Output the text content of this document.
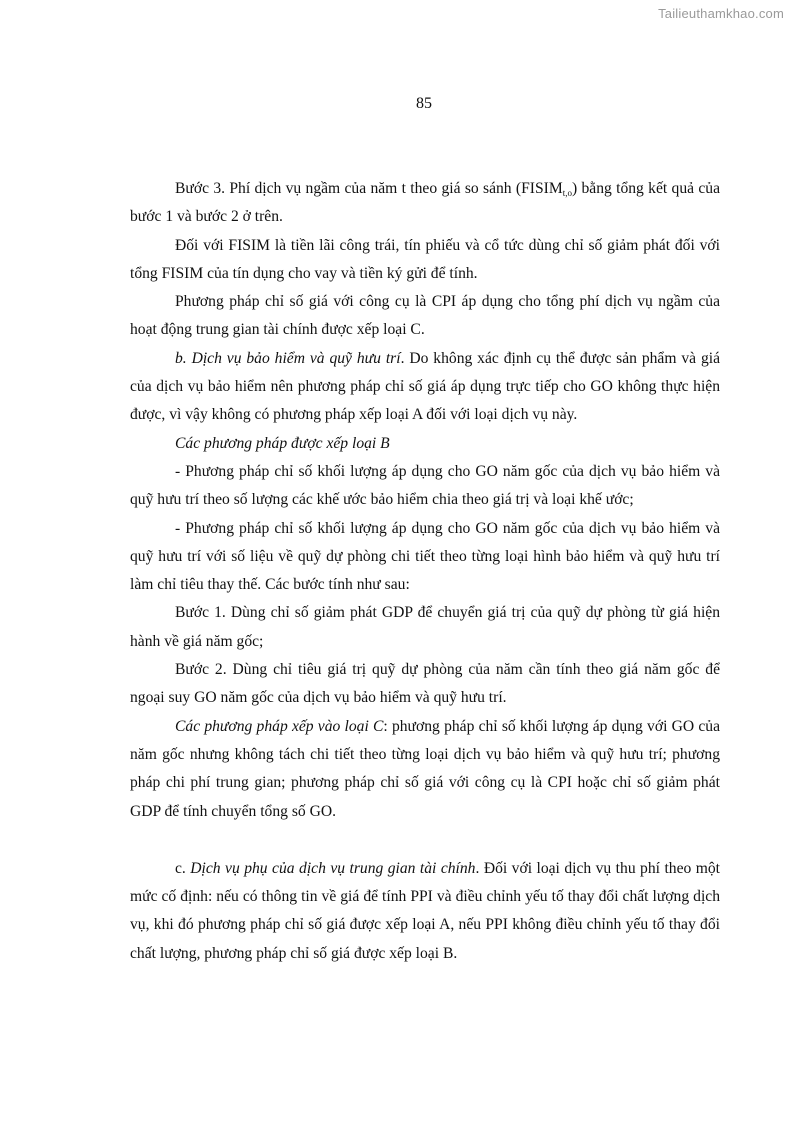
Tailieuthamkhao.com
85

Bước 3. Phí dịch vụ ngầm của năm t theo giá so sánh $(FISIM_{t,o})$ bằng tổng kết quả của bước 1 và bước 2 ở trên.

Đối với FISIM là tiền lãi công trái, tín phiếu và cổ tức dùng chỉ số giảm phát đối với tổng FISIM của tín dụng cho vay và tiền ký gửi để tính.

Phương pháp chỉ số giá với công cụ là CPI áp dụng cho tổng phí dịch vụ ngầm của hoạt động trung gian tài chính được xếp loại C.

b. Dịch vụ bảo hiểm và quỹ hưu trí. Do không xác định cụ thể được sản phẩm và giá của dịch vụ bảo hiểm nên phương pháp chỉ số giá áp dụng trực tiếp cho GO không thực hiện được, vì vậy không có phương pháp xếp loại A đối với loại dịch vụ này.

Các phương pháp được xếp loại B

- Phương pháp chỉ số khối lượng áp dụng cho GO năm gốc của dịch vụ bảo hiểm và quỹ hưu trí theo số lượng các khế ước bảo hiểm chia theo giá trị và loại khế ước;

- Phương pháp chỉ số khối lượng áp dụng cho GO năm gốc của dịch vụ bảo hiểm và quỹ hưu trí với số liệu về quỹ dự phòng chi tiết theo từng loại hình bảo hiểm và quỹ hưu trí làm chỉ tiêu thay thế. Các bước tính như sau:

Bước 1. Dùng chỉ số giảm phát GDP để chuyển giá trị của quỹ dự phòng từ giá hiện hành về giá năm gốc;

Bước 2. Dùng chỉ tiêu giá trị quỹ dự phòng của năm cần tính theo giá năm gốc để ngoại suy GO năm gốc của dịch vụ bảo hiểm và quỹ hưu trí.

Các phương pháp xếp vào loại C: phương pháp chỉ số khối lượng áp dụng với GO của năm gốc nhưng không tách chi tiết theo từng loại dịch vụ bảo hiểm và quỹ hưu trí; phương pháp chi phí trung gian; phương pháp chỉ số giá với công cụ là CPI hoặc chỉ số giảm phát GDP để tính chuyển tổng số GO.

c. Dịch vụ phụ của dịch vụ trung gian tài chính. Đối với loại dịch vụ thu phí theo một mức cố định: nếu có thông tin về giá để tính PPI và điều chỉnh yếu tố thay đổi chất lượng dịch vụ, khi đó phương pháp chỉ số giá được xếp loại A, nếu PPI không điều chỉnh yếu tố thay đổi chất lượng, phương pháp chỉ số giá được xếp loại B.
